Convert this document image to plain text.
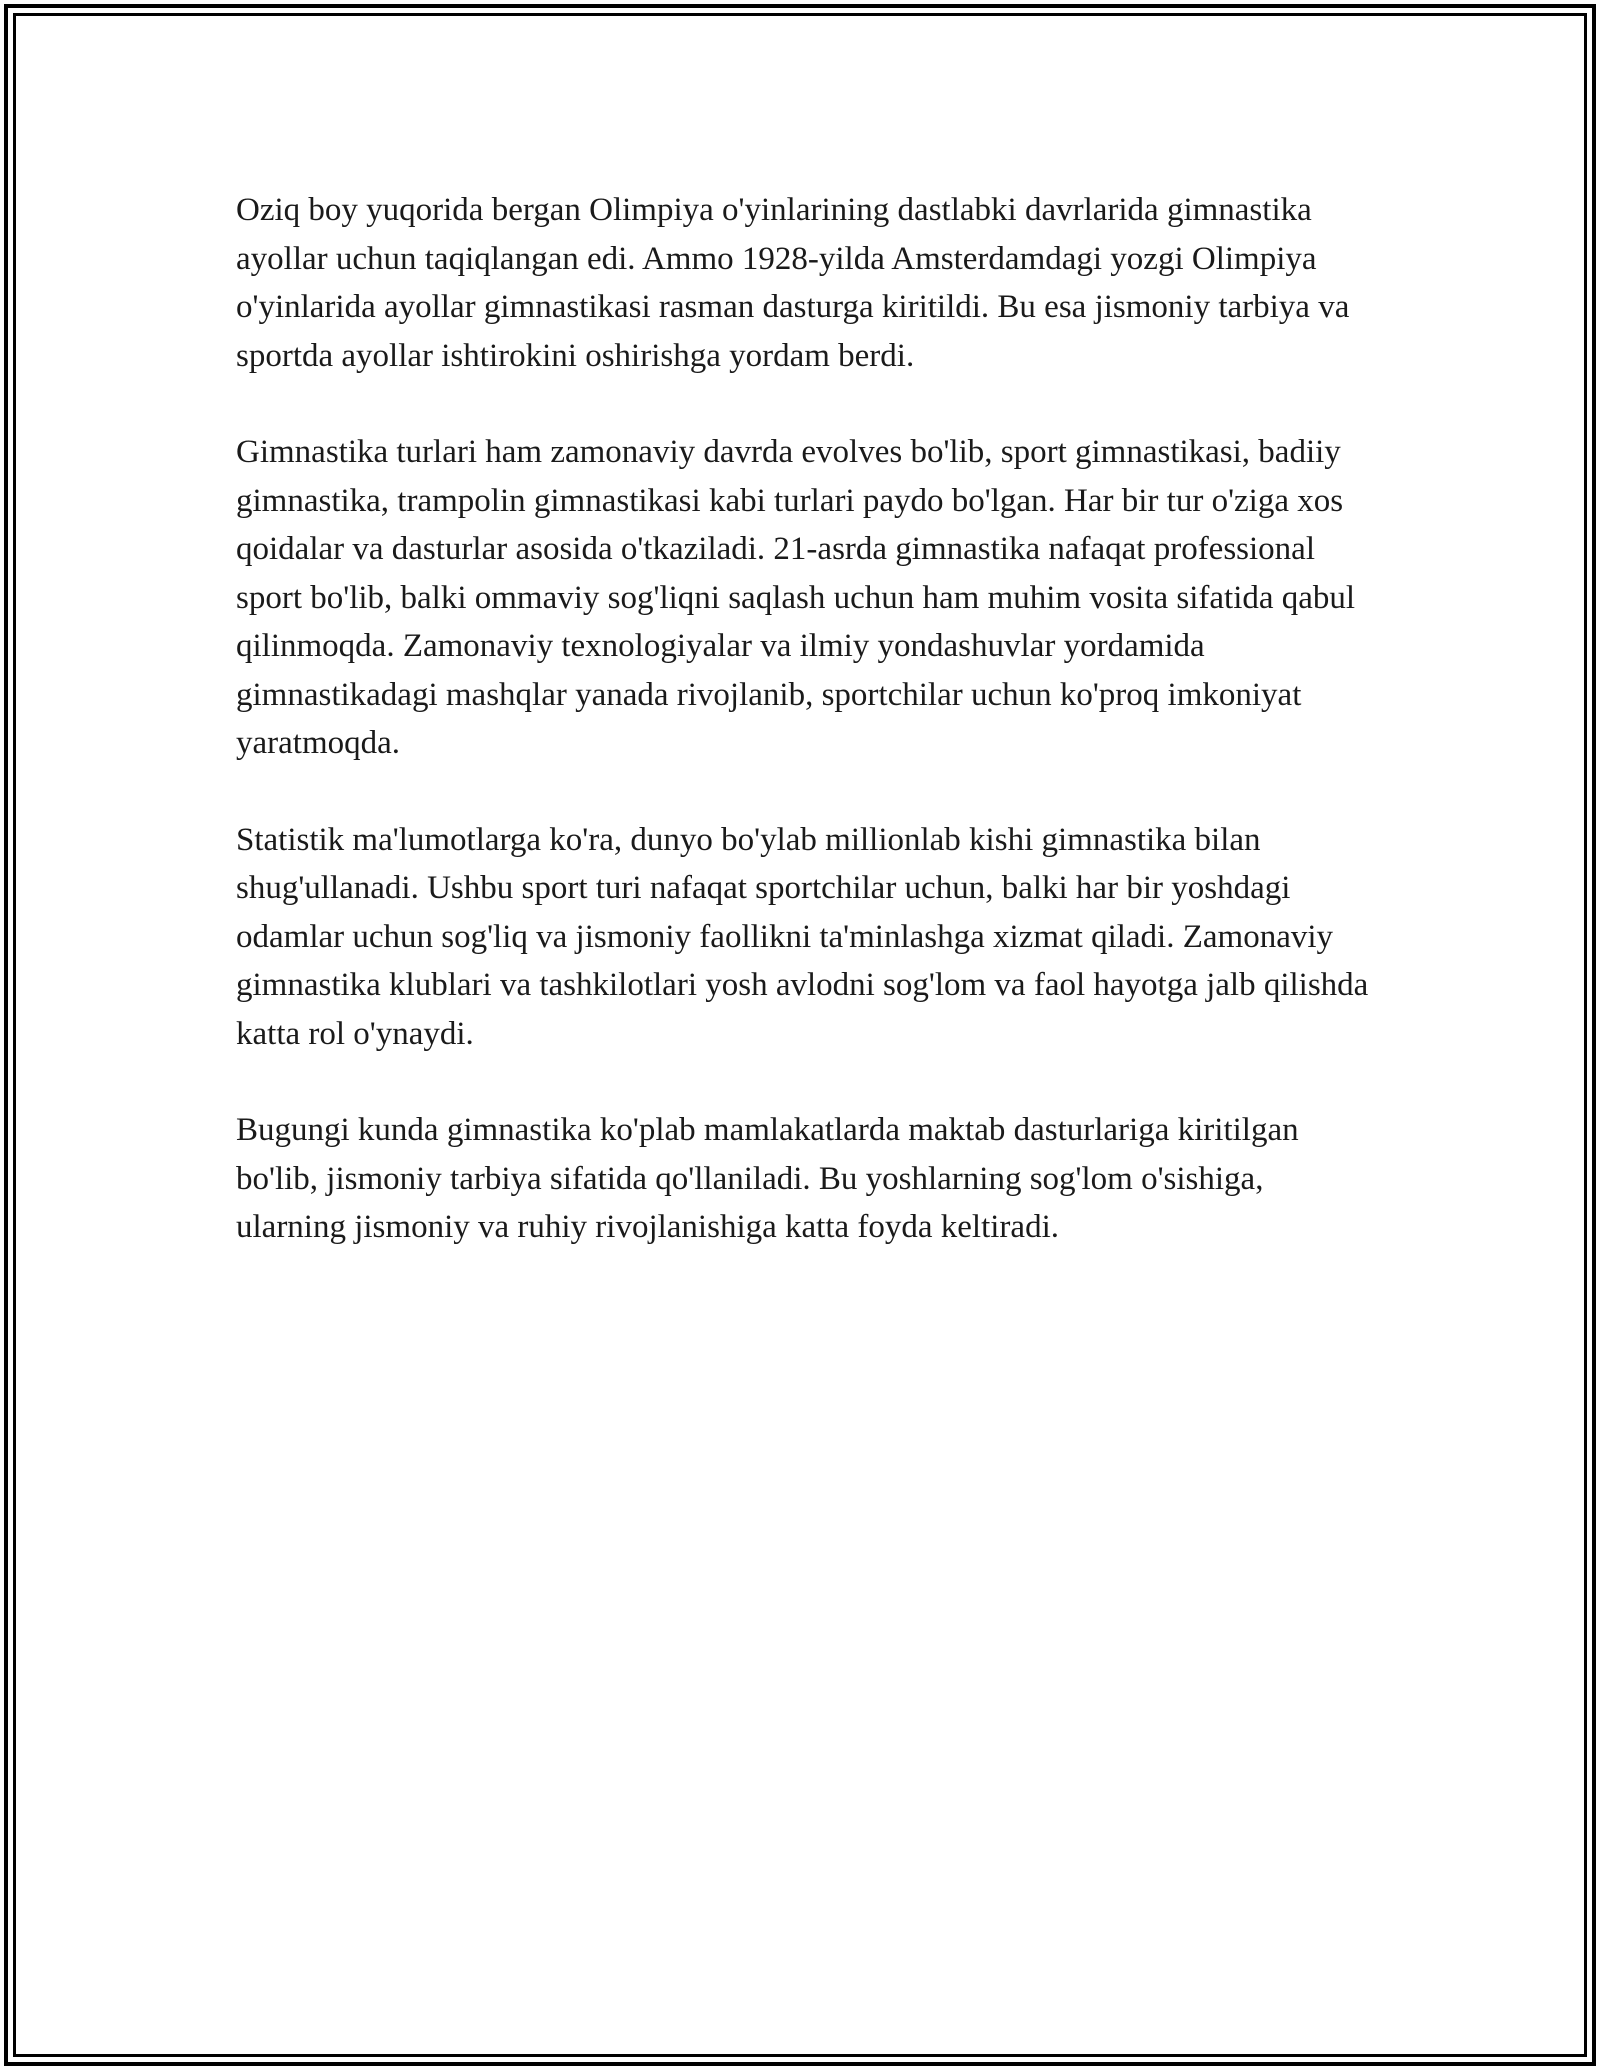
Oziq boy yuqorida bergan Olimpiya o'yinlarining dastlabki davrlarida gimnastika ayollar uchun taqiqlangan edi. Ammo 1928-yilda Amsterdamdagi yozgi Olimpiya o'yinlarida ayollar gimnastikasi rasman dasturga kiritildi. Bu esa jismoniy tarbiya va sportda ayollar ishtirokini oshirishga yordam berdi.

Gimnastika turlari ham zamonaviy davrda evolves bo'lib, sport gimnastikasi, badiiy gimnastika, trampolin gimnastikasi kabi turlari paydo bo'lgan. Har bir tur o'ziga xos qoidalar va dasturlar asosida o'tkaziladi. 21-asrda gimnastika nafaqat professional sport bo'lib, balki ommaviy sog'liqni saqlash uchun ham muhim vosita sifatida qabul qilinmoqda. Zamonaviy texnologiyalar va ilmiy yondashuvlar yordamida gimnastikadagi mashqlar yanada rivojlanib, sportchilar uchun ko'proq imkoniyat yaratmoqda.

Statistik ma'lumotlarga ko'ra, dunyo bo'ylab millionlab kishi gimnastika bilan shug'ullanadi. Ushbu sport turi nafaqat sportchilar uchun, balki har bir yoshdagi odamlar uchun sog'liq va jismoniy faollikni ta'minlashga xizmat qiladi. Zamonaviy gimnastika klublari va tashkilotlari yosh avlodni sog'lom va faol hayotga jalb qilishda katta rol o'ynaydi.

Bugungi kunda gimnastika ko'plab mamlakatlarda maktab dasturlariga kiritilgan bo'lib, jismoniy tarbiya sifatida qo'llaniladi. Bu yoshlarning sog'lom o'sishiga, ularning jismoniy va ruhiy rivojlanishiga katta foyda keltiradi.
